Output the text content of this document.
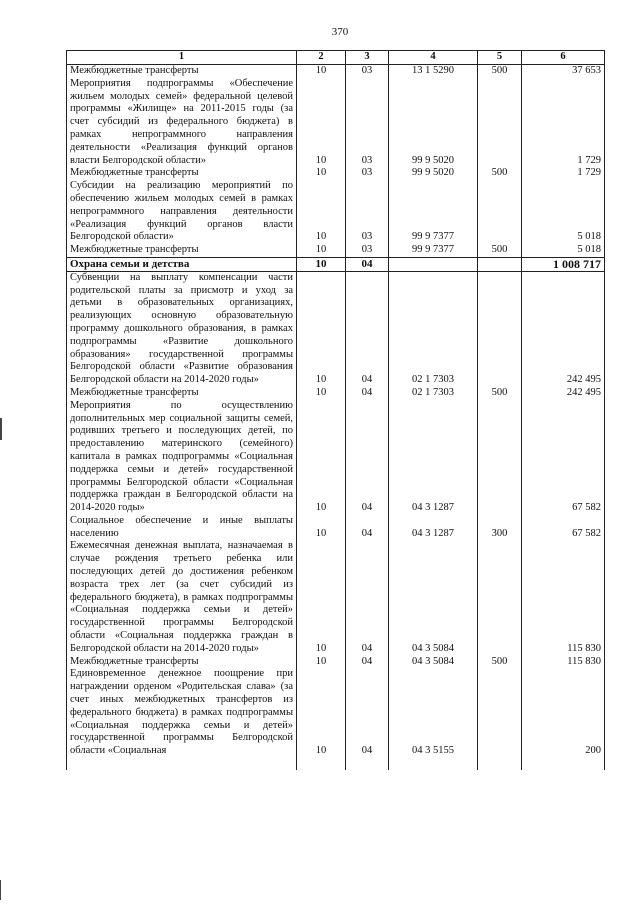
370
1	2	3	4	5	6
Межбюджетные трансферты	10	03	13 1 5290	500	37 653
Мероприятия подпрограммы «Обеспечение жильем молодых семей» федеральной целевой программы «Жилище» на 2011-2015 годы (за счет субсидий из федерального бюджета) в рамках непрограммного направления деятельности «Реализация функций органов власти Белгородской области»	10	03	99 9 5020		1 729
Межбюджетные трансферты	10	03	99 9 5020	500	1 729
Субсидии на реализацию мероприятий по обеспечению жильем молодых семей в рамках непрограммного направления деятельности «Реализация функций органов власти Белгородской области»	10	03	99 9 7377		5 018
Межбюджетные трансферты	10	03	99 9 7377	500	5 018
Охрана семьи и детства	10	04			1 008 717
Субвенции на выплату компенсации части родительской платы за присмотр и уход за детьми в образовательных организациях, реализующих основную образовательную программу дошкольного образования, в рамках подпрограммы «Развитие дошкольного образования» государственной программы Белгородской области «Развитие образования Белгородской области на 2014-2020 годы»	10	04	02 1 7303		242 495
Межбюджетные трансферты	10	04	02 1 7303	500	242 495
Мероприятия по осуществлению дополнительных мер социальной защиты семей, родивших третьего и последующих детей, по предоставлению материнского (семейного) капитала в рамках подпрограммы «Социальная поддержка семьи и детей» государственной программы Белгородской области «Социальная поддержка граждан в Белгородской области на 2014-2020 годы»	10	04	04 3 1287		67 582
Социальное обеспечение и иные выплаты населению	10	04	04 3 1287	300	67 582
Ежемесячная денежная выплата, назначаемая в случае рождения третьего ребенка или последующих детей до достижения ребенком возраста трех лет (за счет субсидий из федерального бюджета), в рамках подпрограммы «Социальная поддержка семьи и детей» государственной программы Белгородской области «Социальная поддержка граждан в Белгородской области на 2014-2020 годы»	10	04	04 3 5084		115 830
Межбюджетные трансферты	10	04	04 3 5084	500	115 830
Единовременное денежное поощрение при награждении орденом «Родительская слава» (за счет иных межбюджетных трансфертов из федерального бюджета) в рамках подпрограммы «Социальная поддержка семьи и детей» государственной программы Белгородской области «Социальная	10	04	04 3 5155		200
